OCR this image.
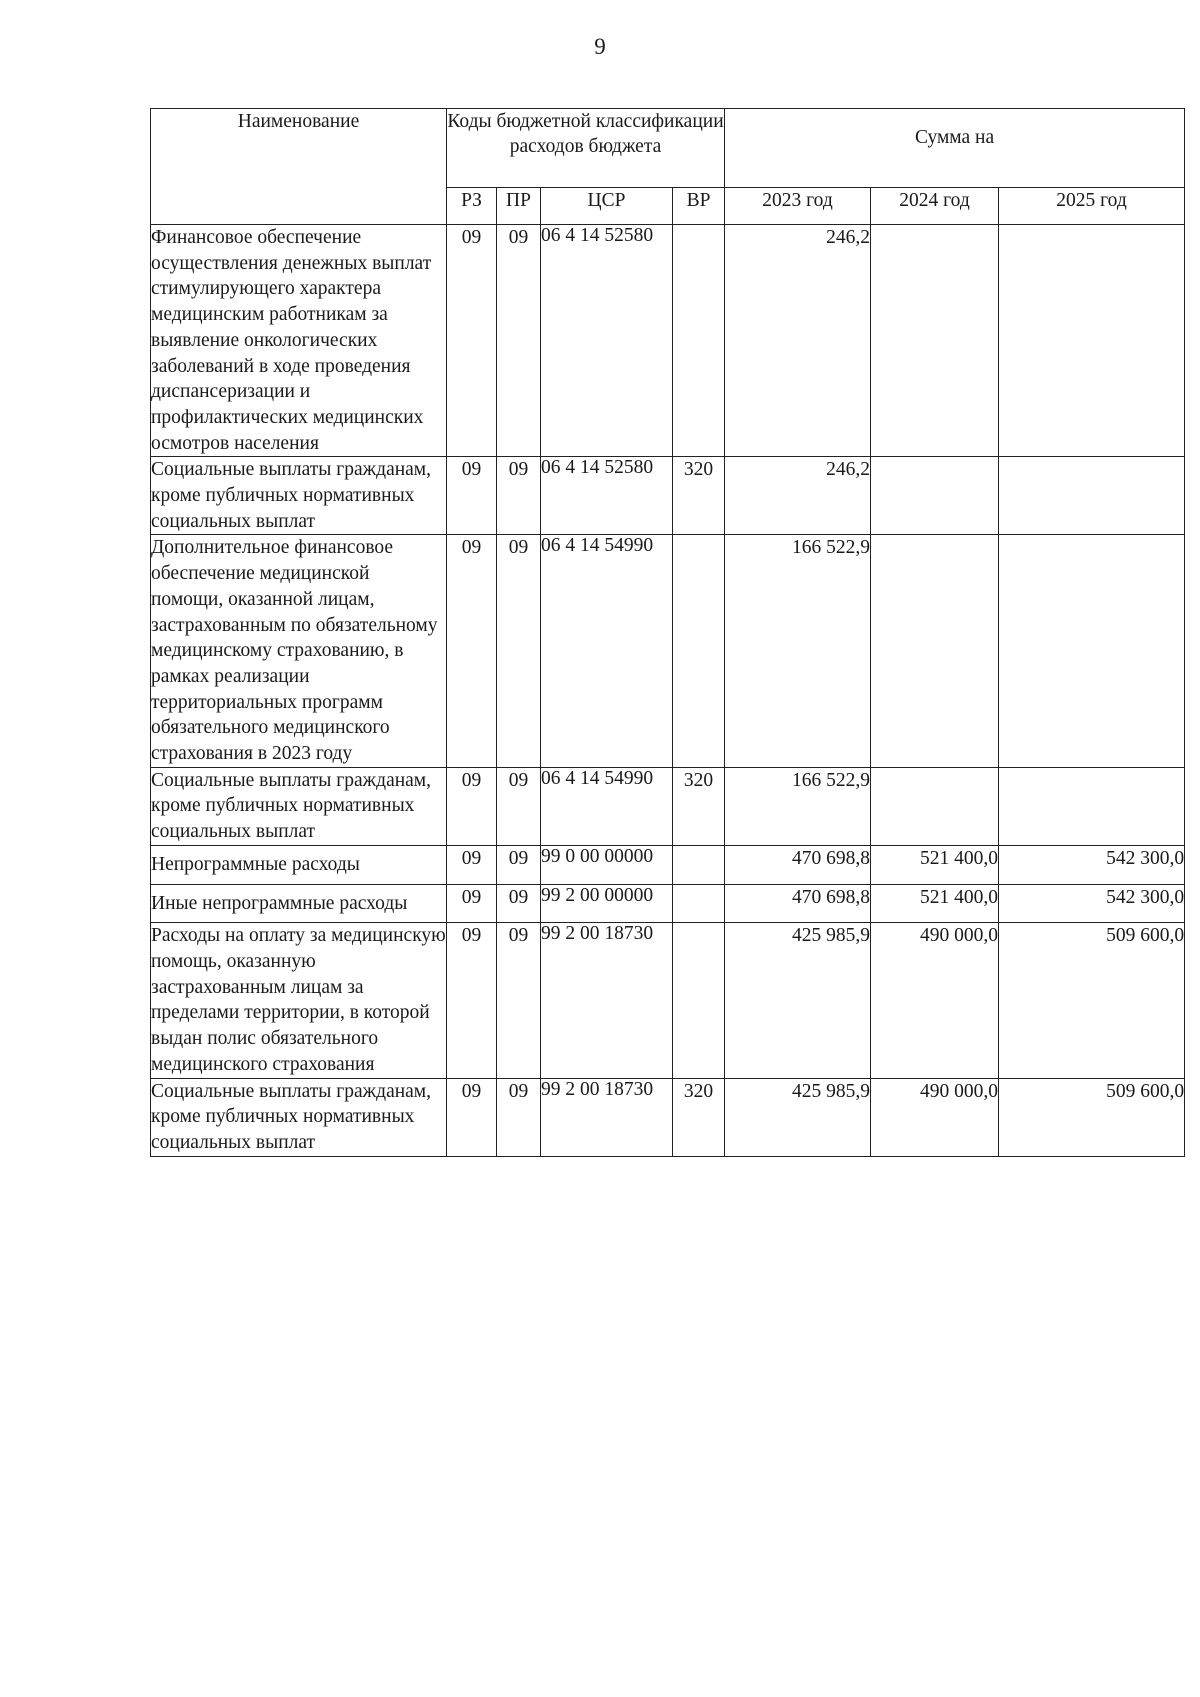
9
Наименование	Коды бюджетной классификации расходов бюджета				Сумма на		
	РЗ	ПР	ЦСР	ВР	2023 год	2024 год	2025 год
Финансовое обеспечение осуществления денежных выплат стимулирующего характера медицинским работникам за выявление онкологических заболеваний в ходе проведения диспансеризации и профилактических медицинских осмотров населения	09	09	06 4 14 52580		246,2		
Социальные выплаты гражданам, кроме публичных нормативных социальных выплат	09	09	06 4 14 52580	320	246,2		
Дополнительное финансовое обеспечение медицинской помощи, оказанной лицам, застрахованным по обязательному медицинскому страхованию, в рамках реализации территориальных программ обязательного медицинского страхования в 2023 году	09	09	06 4 14 54990		166 522,9		
Социальные выплаты гражданам, кроме публичных нормативных социальных выплат	09	09	06 4 14 54990	320	166 522,9		
Непрограммные расходы	09	09	99 0 00 00000		470 698,8	521 400,0	542 300,0
Иные непрограммные расходы	09	09	99 2 00 00000		470 698,8	521 400,0	542 300,0
Расходы на оплату за медицинскую помощь, оказанную застрахованным лицам за пределами территории, в которой выдан полис обязательного медицинского страхования	09	09	99 2 00 18730		425 985,9	490 000,0	509 600,0
Социальные выплаты гражданам, кроме публичных нормативных социальных выплат	09	09	99 2 00 18730	320	425 985,9	490 000,0	509 600,0
